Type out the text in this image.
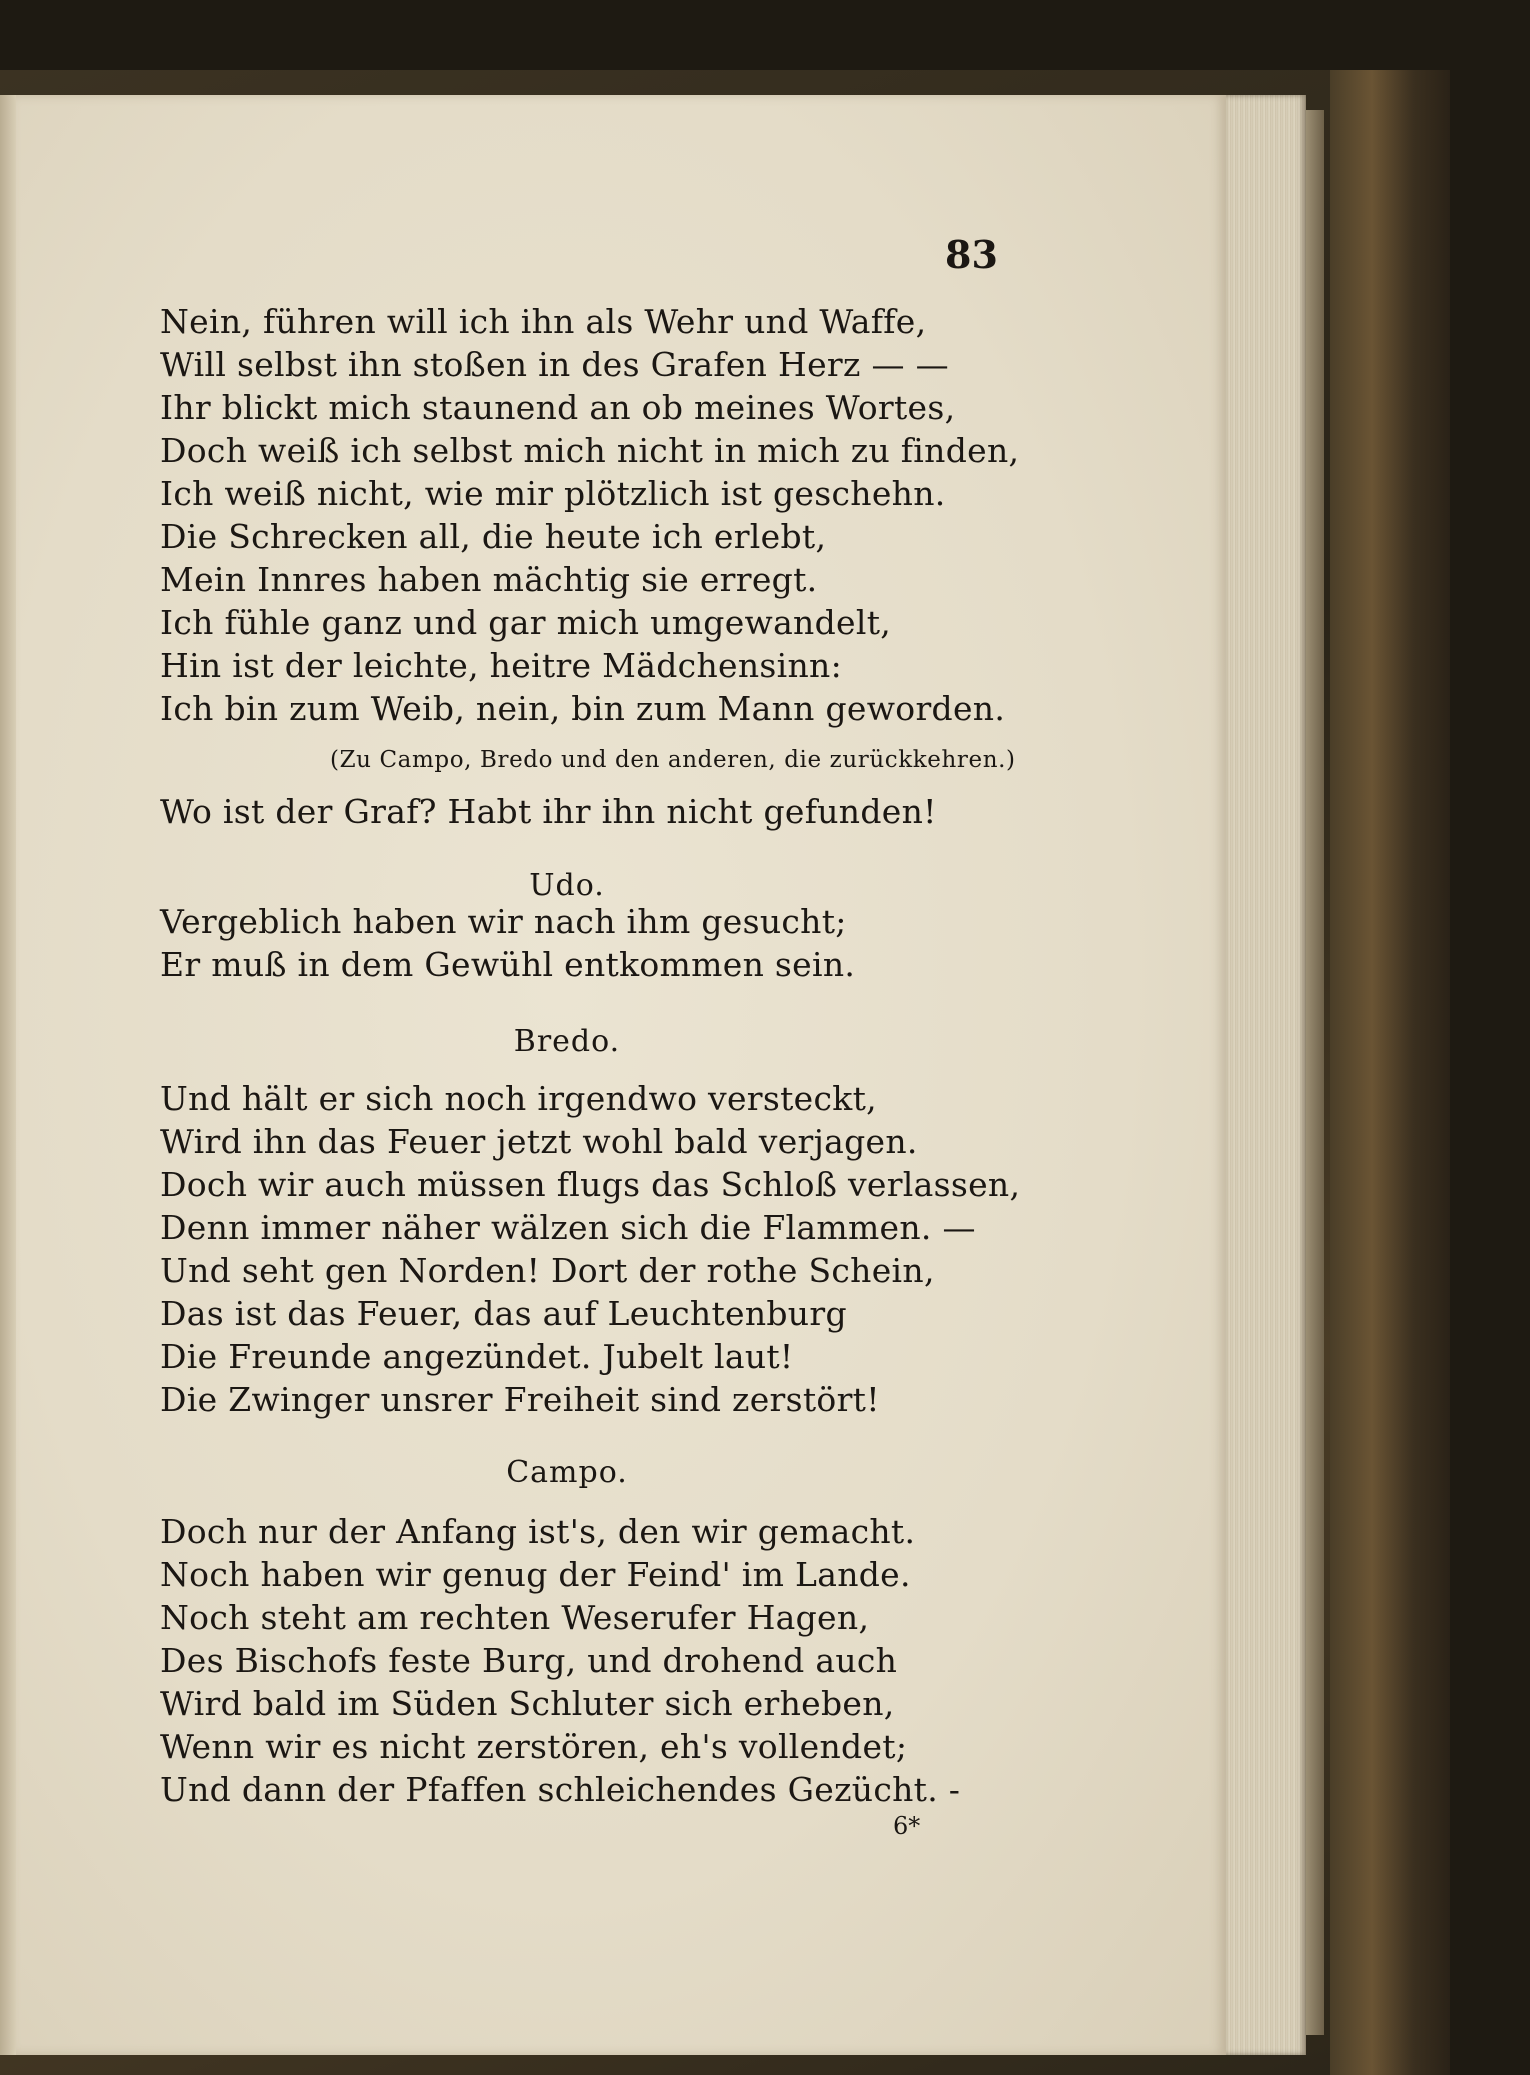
83
Nein, führen will ich ihn als Wehr und Waffe,
Will selbst ihn stoßen in des Grafen Herz — —
Ihr blickt mich staunend an ob meines Wortes,
Doch weiß ich selbst mich nicht in mich zu finden,
Ich weiß nicht, wie mir plötzlich ist geschehn.
Die Schrecken all, die heute ich erlebt,
Mein Innres haben mächtig sie erregt.
Ich fühle ganz und gar mich umgewandelt,
Hin ist der leichte, heitre Mädchensinn:
Ich bin zum Weib, nein, bin zum Mann geworden.
(Zu Campo, Bredo und den anderen, die zurückkehren.)
Wo ist der Graf? Habt ihr ihn nicht gefunden!
Udo.
Vergeblich haben wir nach ihm gesucht;
Er muß in dem Gewühl entkommen sein.
Bredo.
Und hält er sich noch irgendwo versteckt,
Wird ihn das Feuer jetzt wohl bald verjagen.
Doch wir auch müssen flugs das Schloß verlassen,
Denn immer näher wälzen sich die Flammen. —
Und seht gen Norden! Dort der rothe Schein,
Das ist das Feuer, das auf Leuchtenburg
Die Freunde angezündet. Jubelt laut!
Die Zwinger unsrer Freiheit sind zerstört!
Campo.
Doch nur der Anfang ist's, den wir gemacht.
Noch haben wir genug der Feind' im Lande.
Noch steht am rechten Weserufer Hagen,
Des Bischofs feste Burg, und drohend auch
Wird bald im Süden Schluter sich erheben,
Wenn wir es nicht zerstören, eh's vollendet;
Und dann der Pfaffen schleichendes Gezücht. -
6*
